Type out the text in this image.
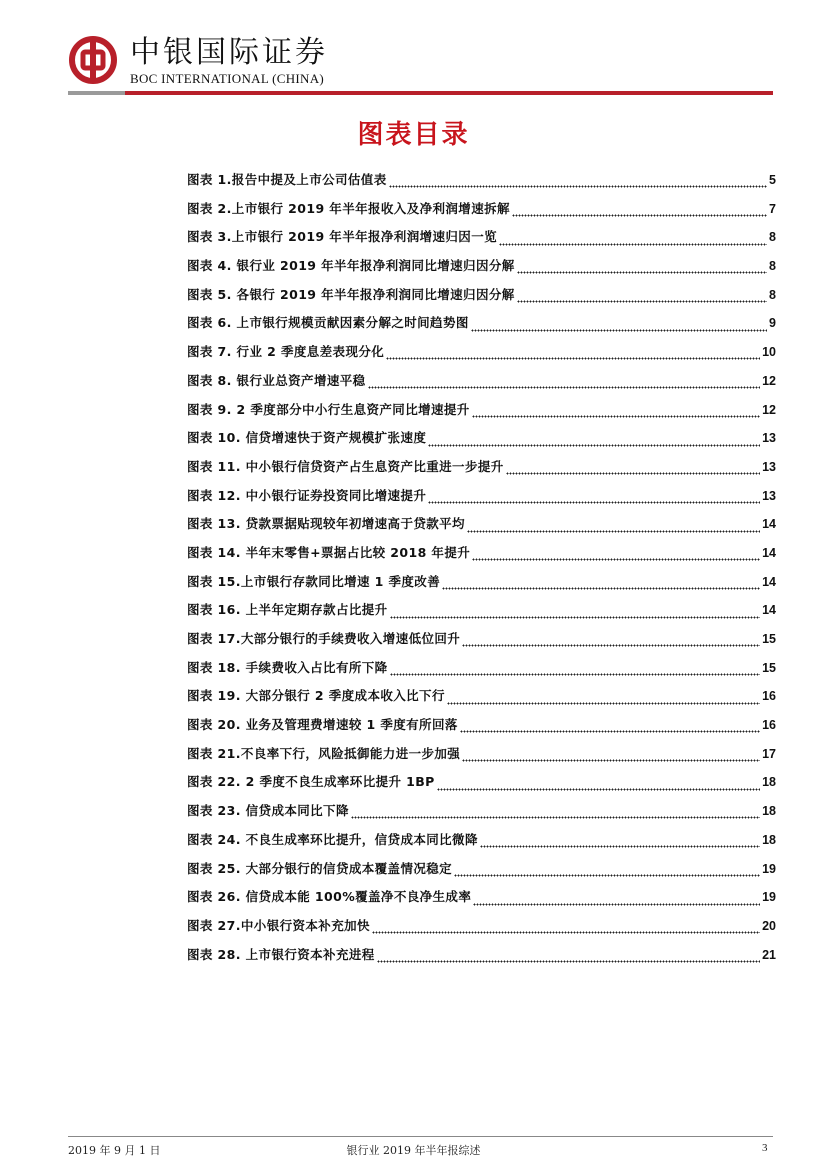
中银国际证券
BOC INTERNATIONAL (CHINA)
图表目录
图表 1.报告中提及上市公司估值表	5
图表 2.上市银行 2019 年半年报收入及净利润增速拆解	7
图表 3.上市银行 2019 年半年报净利润增速归因一览	8
图表 4. 银行业 2019 年半年报净利润同比增速归因分解	8
图表 5. 各银行 2019 年半年报净利润同比增速归因分解	8
图表 6. 上市银行规模贡献因素分解之时间趋势图	9
图表 7. 行业 2 季度息差表现分化	10
图表 8. 银行业总资产增速平稳	12
图表 9. 2 季度部分中小行生息资产同比增速提升	12
图表 10. 信贷增速快于资产规模扩张速度	13
图表 11. 中小银行信贷资产占生息资产比重进一步提升	13
图表 12. 中小银行证券投资同比增速提升	13
图表 13. 贷款票据贴现较年初增速高于贷款平均	14
图表 14. 半年末零售+票据占比较 2018 年提升	14
图表 15.上市银行存款同比增速 1 季度改善	14
图表 16. 上半年定期存款占比提升	14
图表 17.大部分银行的手续费收入增速低位回升	15
图表 18. 手续费收入占比有所下降	15
图表 19. 大部分银行 2 季度成本收入比下行	16
图表 20. 业务及管理费增速较 1 季度有所回落	16
图表 21.不良率下行，风险抵御能力进一步加强	17
图表 22. 2 季度不良生成率环比提升 1BP	18
图表 23. 信贷成本同比下降	18
图表 24. 不良生成率环比提升，信贷成本同比微降	18
图表 25. 大部分银行的信贷成本覆盖情况稳定	19
图表 26. 信贷成本能 100%覆盖净不良净生成率	19
图表 27.中小银行资本补充加快	20
图表 28. 上市银行资本补充进程	21
2019 年 9 月 1 日	银行业 2019 年半年报综述	3
